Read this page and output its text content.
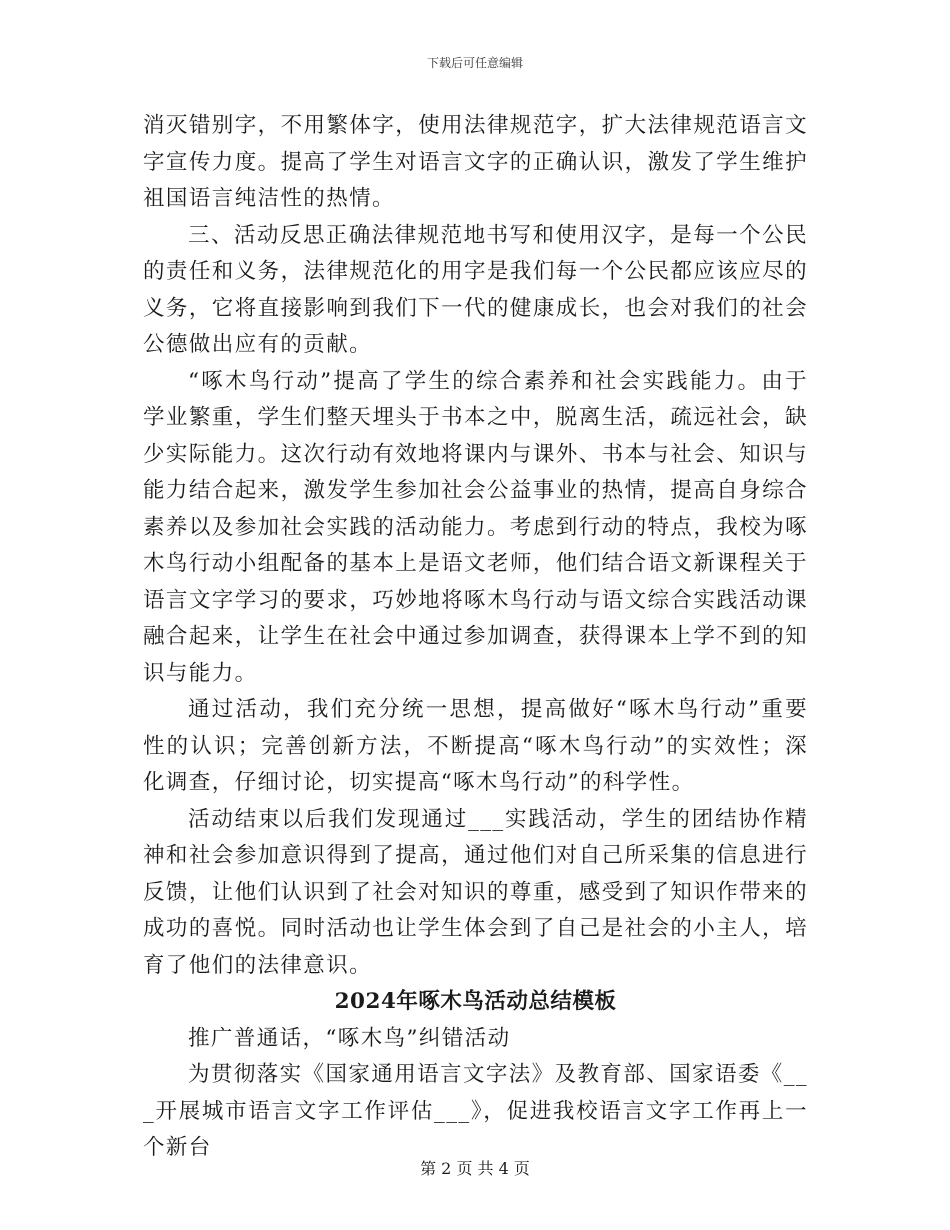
下载后可任意编辑

消灭错别字，不用繁体字，使用法律规范字，扩大法律规范语言文字宣传力度。提高了学生对语言文字的正确认识，激发了学生维护祖国语言纯洁性的热情。

三、活动反思正确法律规范地书写和使用汉字，是每一个公民的责任和义务，法律规范化的用字是我们每一个公民都应该应尽的义务，它将直接影响到我们下一代的健康成长，也会对我们的社会公德做出应有的贡献。

“啄木鸟行动”提高了学生的综合素养和社会实践能力。由于学业繁重，学生们整天埋头于书本之中，脱离生活，疏远社会，缺少实际能力。这次行动有效地将课内与课外、书本与社会、知识与能力结合起来，激发学生参加社会公益事业的热情，提高自身综合素养以及参加社会实践的活动能力。考虑到行动的特点，我校为啄木鸟行动小组配备的基本上是语文老师，他们结合语文新课程关于语言文字学习的要求，巧妙地将啄木鸟行动与语文综合实践活动课融合起来，让学生在社会中通过参加调查，获得课本上学不到的知识与能力。

通过活动，我们充分统一思想，提高做好“啄木鸟行动”重要性的认识；完善创新方法，不断提高“啄木鸟行动”的实效性；深化调查，仔细讨论，切实提高“啄木鸟行动”的科学性。

活动结束以后我们发现通过___实践活动，学生的团结协作精神和社会参加意识得到了提高，通过他们对自己所采集的信息进行反馈，让他们认识到了社会对知识的尊重，感受到了知识作带来的成功的喜悦。同时活动也让学生体会到了自己是社会的小主人，培育了他们的法律意识。

2024年啄木鸟活动总结模板

推广普通话，“啄木鸟”纠错活动

为贯彻落实《国家通用语言文字法》及教育部、国家语委《___开展城市语言文字工作评估___》，促进我校语言文字工作再上一个新台

第 2 页 共 4 页
